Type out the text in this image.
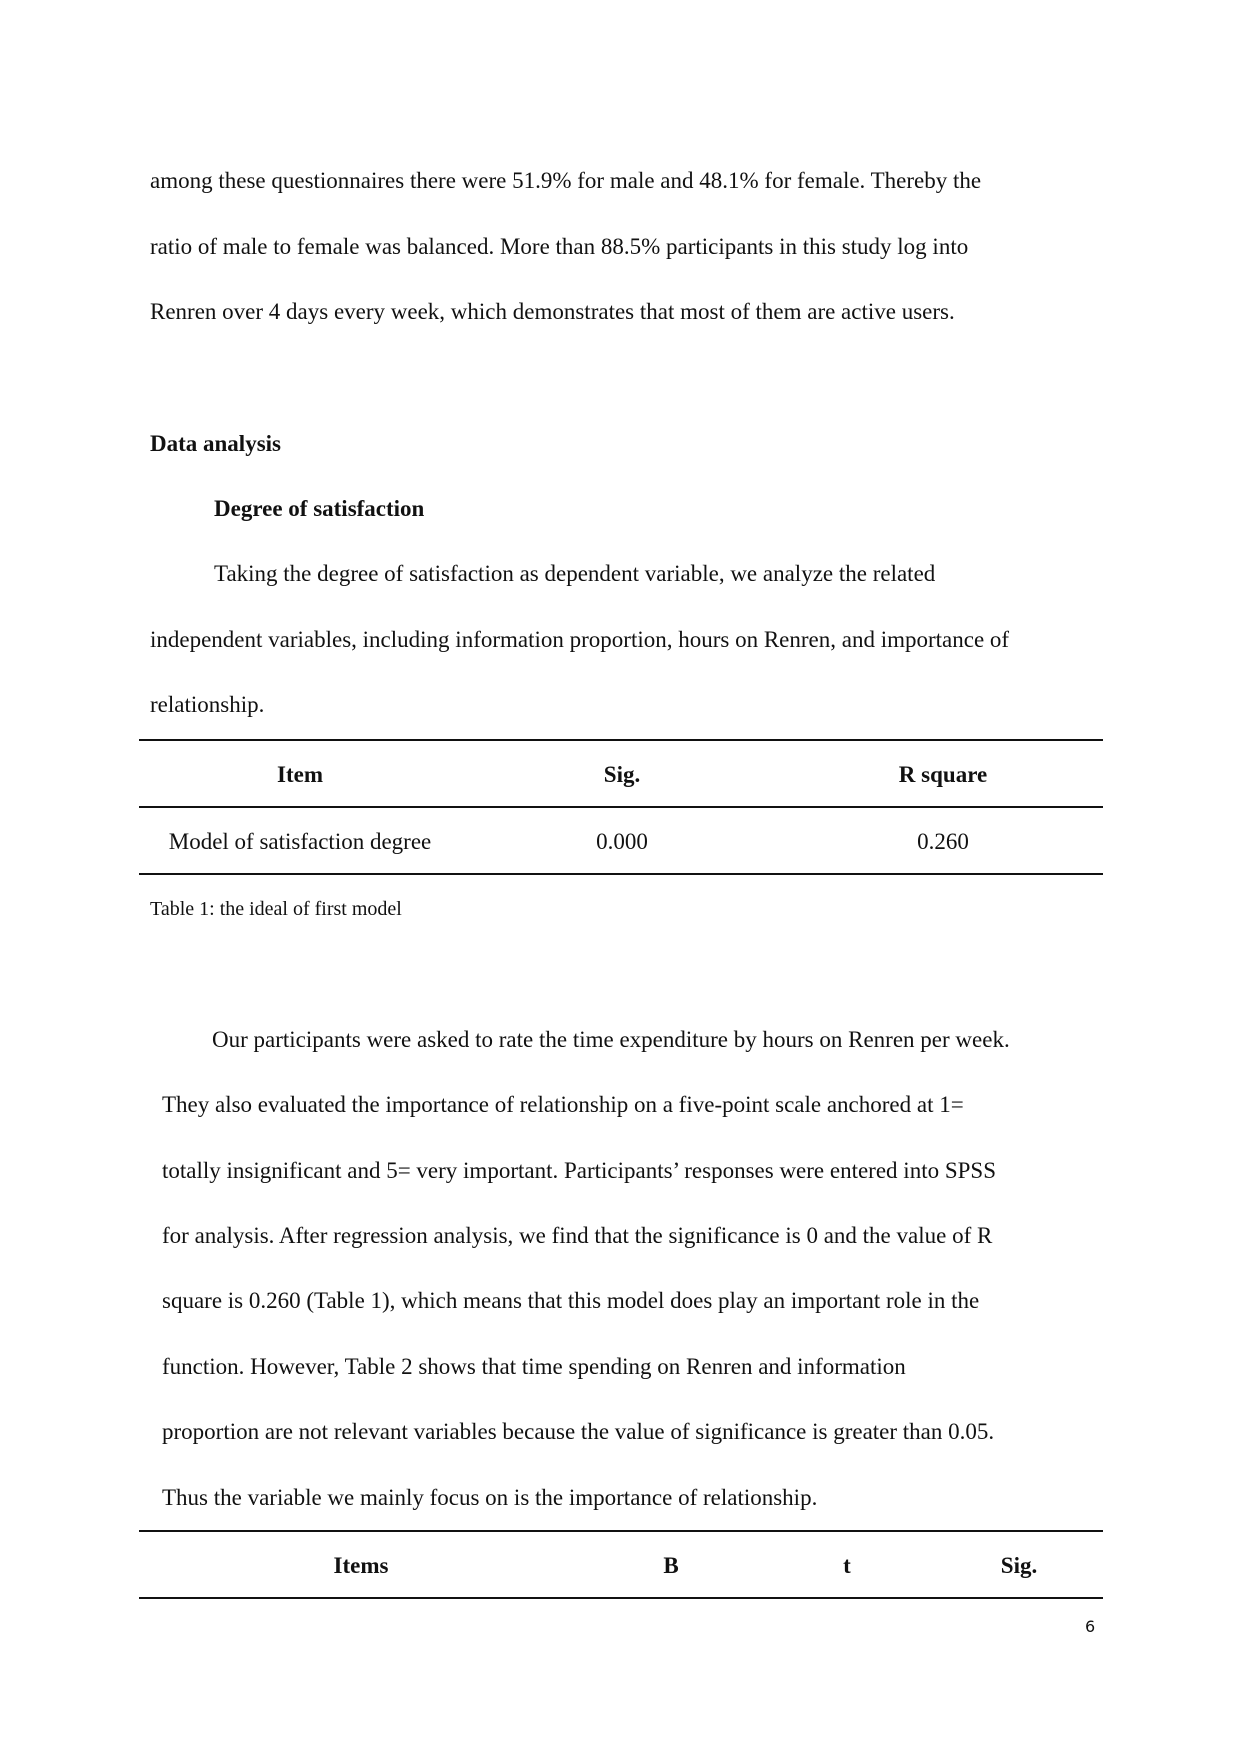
among these questionnaires there were 51.9% for male and 48.1% for female. Thereby the
ratio of male to female was balanced. More than 88.5% participants in this study log into
Renren over 4 days every week, which demonstrates that most of them are active users.
Data analysis
Degree of satisfaction
Taking the degree of satisfaction as dependent variable, we analyze the related
independent variables, including information proportion, hours on Renren, and importance of
relationship.
Item	Sig.	R square
Model of satisfaction degree	0.000	0.260
Table 1: the ideal of first model
Our participants were asked to rate the time expenditure by hours on Renren per week.
They also evaluated the importance of relationship on a five-point scale anchored at 1=
totally insignificant and 5= very important. Participants’ responses were entered into SPSS
for analysis. After regression analysis, we find that the significance is 0 and the value of R
square is 0.260 (Table 1), which means that this model does play an important role in the
function. However, Table 2 shows that time spending on Renren and information
proportion are not relevant variables because the value of significance is greater than 0.05.
Thus the variable we mainly focus on is the importance of relationship.
Items	B	t	Sig.
6
